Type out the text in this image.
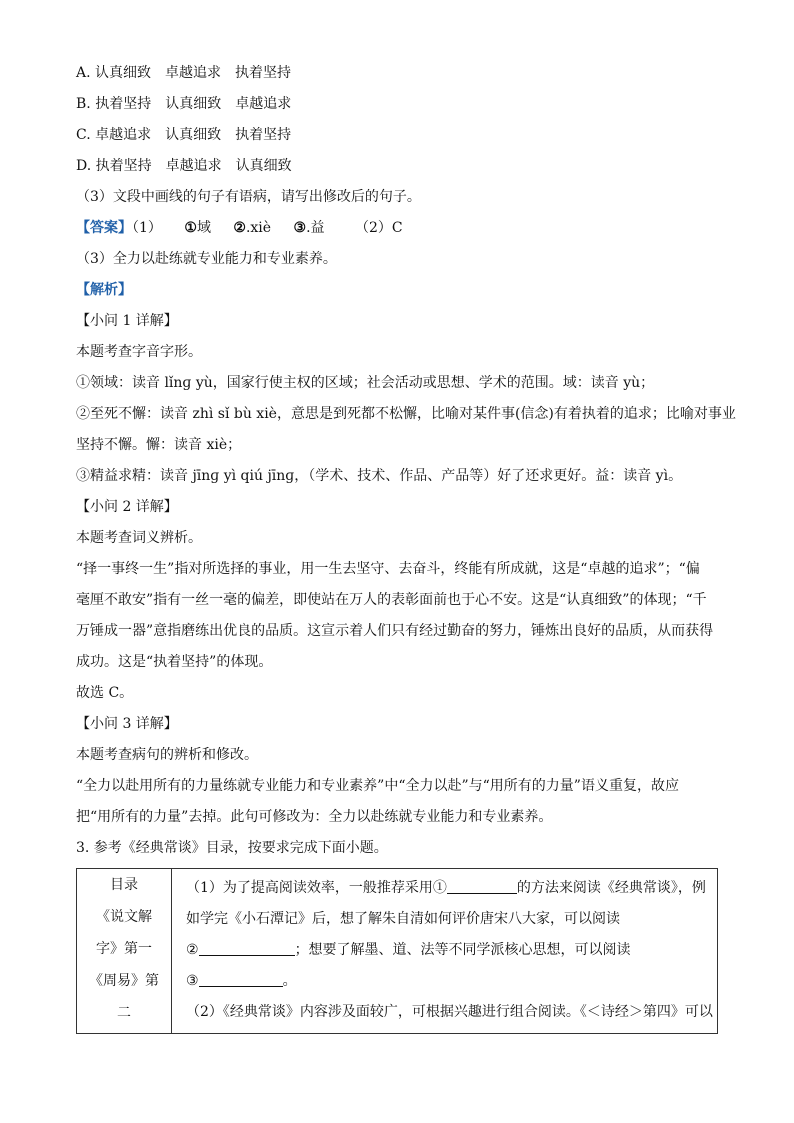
A. 认真细致　卓越追求　执着坚持
B. 执着坚持　认真细致　卓越追求
C. 卓越追求　认真细致　执着坚持
D. 执着坚持　卓越追求　认真细致
（3）文段中画线的句子有语病，请写出修改后的句子。
【答案】（1） ①域 ②.xiè ③.益 （2）C
（3）全力以赴练就专业能力和专业素养。
【解析】
【小问 1 详解】
本题考查字音字形。
①领域：读音 lǐnɡ yù，国家行使主权的区域；社会活动或思想、学术的范围。域：读音 yù；
②至死不懈：读音 zhì sǐ bù xiè，意思是到死都不松懈，比喻对某件事(信念)有着执着的追求；比喻对事业
坚持不懈。懈：读音 xiè；
③精益求精：读音 jīnɡ yì qiú jīnɡ，（学术、技术、作品、产品等）好了还求更好。益：读音 yì。
【小问 2 详解】
本题考查词义辨析。
“择一事终一生”指对所选择的事业，用一生去坚守、去奋斗，终能有所成就，这是“卓越的追求”；“偏
毫厘不敢安”指有一丝一毫的偏差，即使站在万人的表彰面前也于心不安。这是“认真细致”的体现；“千
万锤成一器”意指磨练出优良的品质。这宣示着人们只有经过勤奋的努力，锤炼出良好的品质，从而获得
成功。这是“执着坚持”的体现。
故选 C。
【小问 3 详解】
本题考查病句的辨析和修改。
“全力以赴用所有的力量练就专业能力和专业素养”中“全力以赴”与“用所有的力量”语义重复，故应
把“用所有的力量”去掉。此句可修改为：全力以赴练就专业能力和专业素养。
3. 参考《经典常谈》目录，按要求完成下面小题。
目录
《说文解
字》第一
《周易》第
二

（1）为了提高阅读效率，一般推荐采用①	的方法来阅读《经典常谈》，例
如学完《小石潭记》后，想了解朱自清如何评价唐宋八大家，可以阅读
②	；想要了解墨、道、法等不同学派核心思想，可以阅读
③	。
（2）《经典常谈》内容涉及面较广，可根据兴趣进行组合阅读。《＜诗经＞第四》可以
